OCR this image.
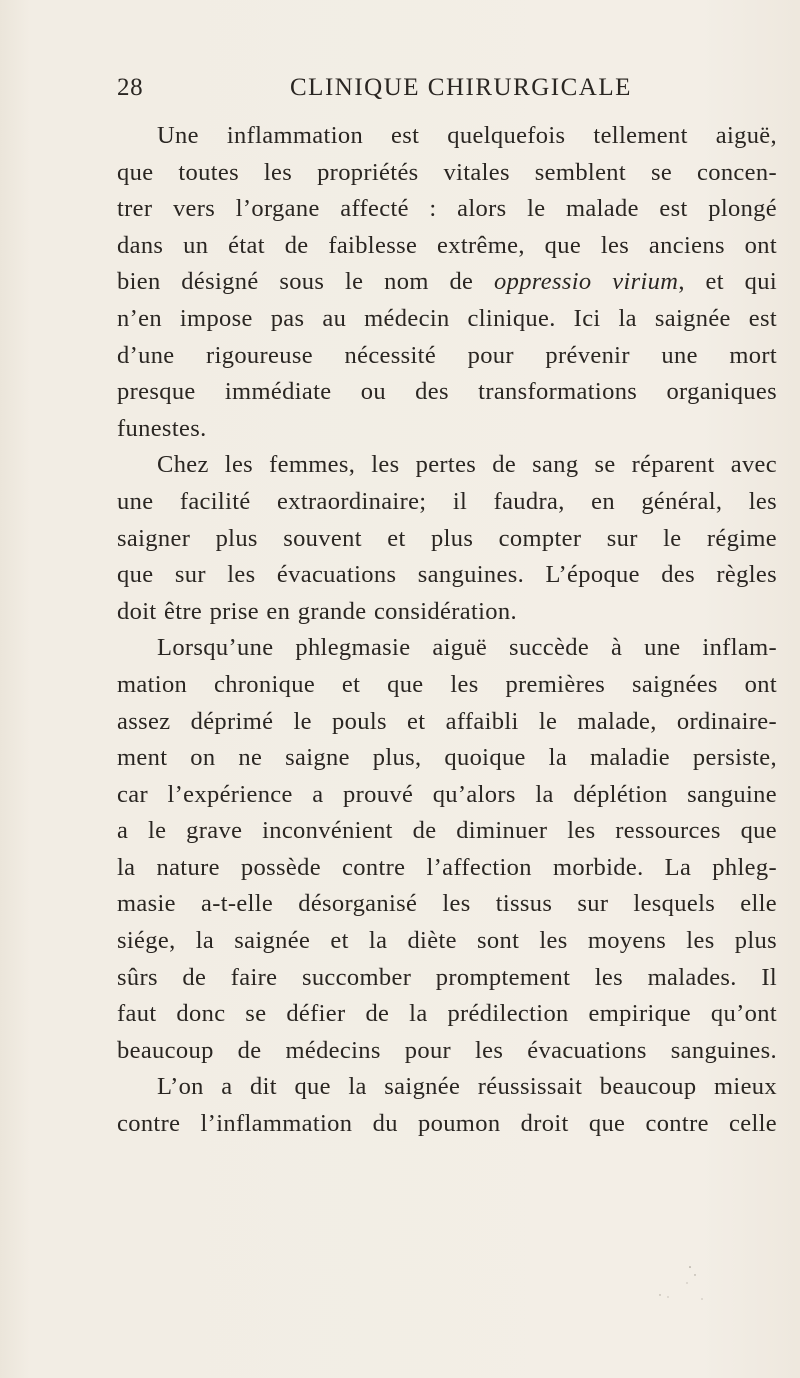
28	CLINIQUE CHIRURGICALE
Une inflammation est quelquefois tellement aiguë,
que toutes les propriétés vitales semblent se concen-
trer vers l’organe affecté : alors le malade est plongé
dans un état de faiblesse extrême, que les anciens ont
bien désigné sous le nom de oppressio virium, et qui
n’en impose pas au médecin clinique. Ici la saignée est
d’une rigoureuse nécessité pour prévenir une mort
presque immédiate ou des transformations organiques
funestes.
Chez les femmes, les pertes de sang se réparent avec
une facilité extraordinaire; il faudra, en général, les
saigner plus souvent et plus compter sur le régime
que sur les évacuations sanguines. L’époque des règles
doit être prise en grande considération.
Lorsqu’une phlegmasie aiguë succède à une inflam-
mation chronique et que les premières saignées ont
assez déprimé le pouls et affaibli le malade, ordinaire-
ment on ne saigne plus, quoique la maladie persiste,
car l’expérience a prouvé qu’alors la déplétion sanguine
a le grave inconvénient de diminuer les ressources que
la nature possède contre l’affection morbide. La phleg-
masie a-t-elle désorganisé les tissus sur lesquels elle
siége, la saignée et la diète sont les moyens les plus
sûrs de faire succomber promptement les malades. Il
faut donc se défier de la prédilection empirique qu’ont
beaucoup de médecins pour les évacuations sanguines.
L’on a dit que la saignée réussissait beaucoup mieux
contre l’inflammation du poumon droit que contre celle
